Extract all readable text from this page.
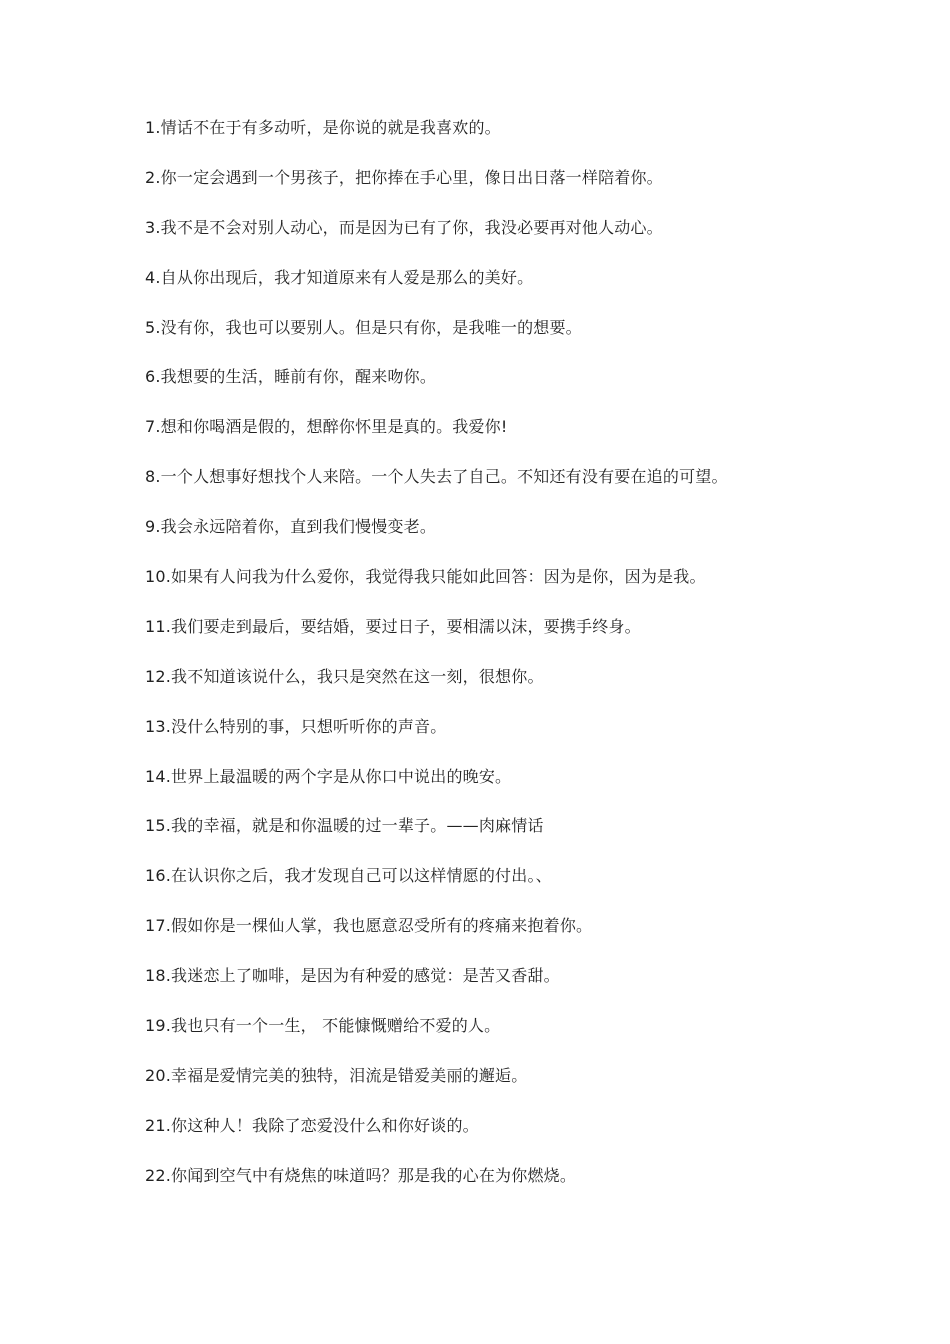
1.情话不在于有多动听，是你说的就是我喜欢的。
2.你一定会遇到一个男孩子，把你捧在手心里，像日出日落一样陪着你。
3.我不是不会对别人动心，而是因为已有了你，我没必要再对他人动心。
4.自从你出现后，我才知道原来有人爱是那么的美好。
5.没有你，我也可以要别人。但是只有你，是我唯一的想要。
6.我想要的生活，睡前有你，醒来吻你。
7.想和你喝酒是假的，想醉你怀里是真的。我爱你!
8.一个人想事好想找个人来陪。一个人失去了自己。不知还有没有要在追的可望。
9.我会永远陪着你，直到我们慢慢变老。
10.如果有人问我为什么爱你，我觉得我只能如此回答：因为是你，因为是我。
11.我们要走到最后，要结婚，要过日子，要相濡以沫，要携手终身。
12.我不知道该说什么，我只是突然在这一刻，很想你。
13.没什么特别的事，只想听听你的声音。
14.世界上最温暖的两个字是从你口中说出的晚安。
15.我的幸福，就是和你温暖的过一辈子。——肉麻情话
16.在认识你之后，我才发现自己可以这样情愿的付出。、
17.假如你是一棵仙人掌，我也愿意忍受所有的疼痛来抱着你。
18.我迷恋上了咖啡，是因为有种爱的感觉：是苦又香甜。
19.我也只有一个一生， 不能慷慨赠给不爱的人。
20.幸福是爱情完美的独特，泪流是错爱美丽的邂逅。
21.你这种人！我除了恋爱没什么和你好谈的。
22.你闻到空气中有烧焦的味道吗？那是我的心在为你燃烧。
